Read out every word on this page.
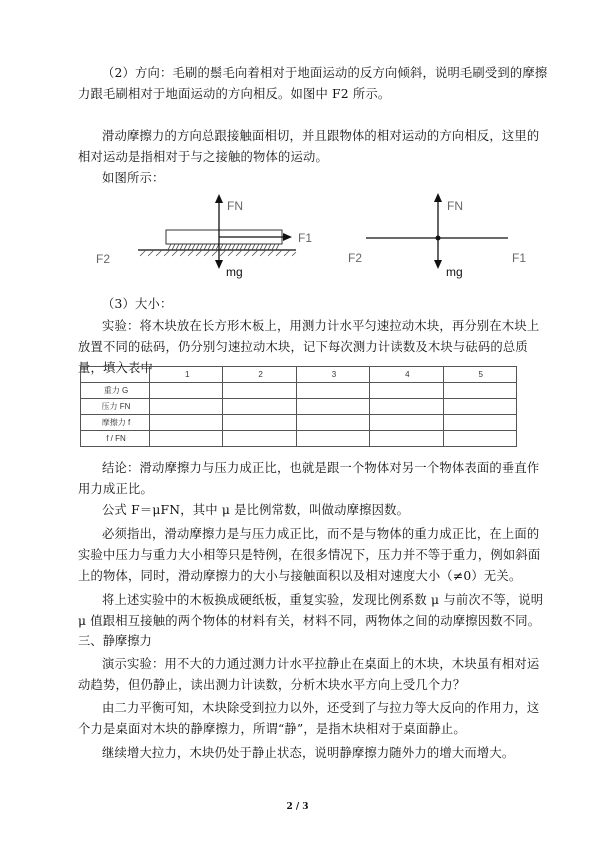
（2）方向：毛刷的鬃毛向着相对于地面运动的反方向倾斜，说明毛刷受到的摩擦力跟毛刷相对于地面运动的方向相反。如图中 F2 所示。

滑动摩擦力的方向总跟接触面相切，并且跟物体的相对运动的方向相反，这里的相对运动是指相对于与之接触的物体的运动。

如图所示：

FN
F1
F2
mg
FN
F1
F2
mg

（3）大小：

实验：将木块放在长方形木板上，用测力计水平匀速拉动木块，再分别在木块上放置不同的砝码，仍分别匀速拉动木块，记下每次测力计读数及木块与砝码的总质量，填入表中

		1	2	3	4	5
重力 G					
压力 FN					
摩擦力 f					
f / FN					

结论：滑动摩擦力与压力成正比，也就是跟一个物体对另一个物体表面的垂直作用力成正比。

公式 F＝μFN，其中 μ 是比例常数，叫做动摩擦因数。

必须指出，滑动摩擦力是与压力成正比，而不是与物体的重力成正比，在上面的实验中压力与重力大小相等只是特例，在很多情况下，压力并不等于重力，例如斜面上的物体，同时，滑动摩擦力的大小与接触面积以及相对速度大小（≠0）无关。

将上述实验中的木板换成硬纸板，重复实验，发现比例系数 μ 与前次不等，说明 μ 值跟相互接触的两个物体的材料有关，材料不同，两物体之间的动摩擦因数不同。

三、静摩擦力

演示实验：用不大的力通过测力计水平拉静止在桌面上的木块，木块虽有相对运动趋势，但仍静止，读出测力计读数，分析木块水平方向上受几个力？

由二力平衡可知，木块除受到拉力以外，还受到了与拉力等大反向的作用力，这个力是桌面对木块的静摩擦力，所谓“静”，是指木块相对于桌面静止。

继续增大拉力，木块仍处于静止状态，说明静摩擦力随外力的增大而增大。

2 / 3
